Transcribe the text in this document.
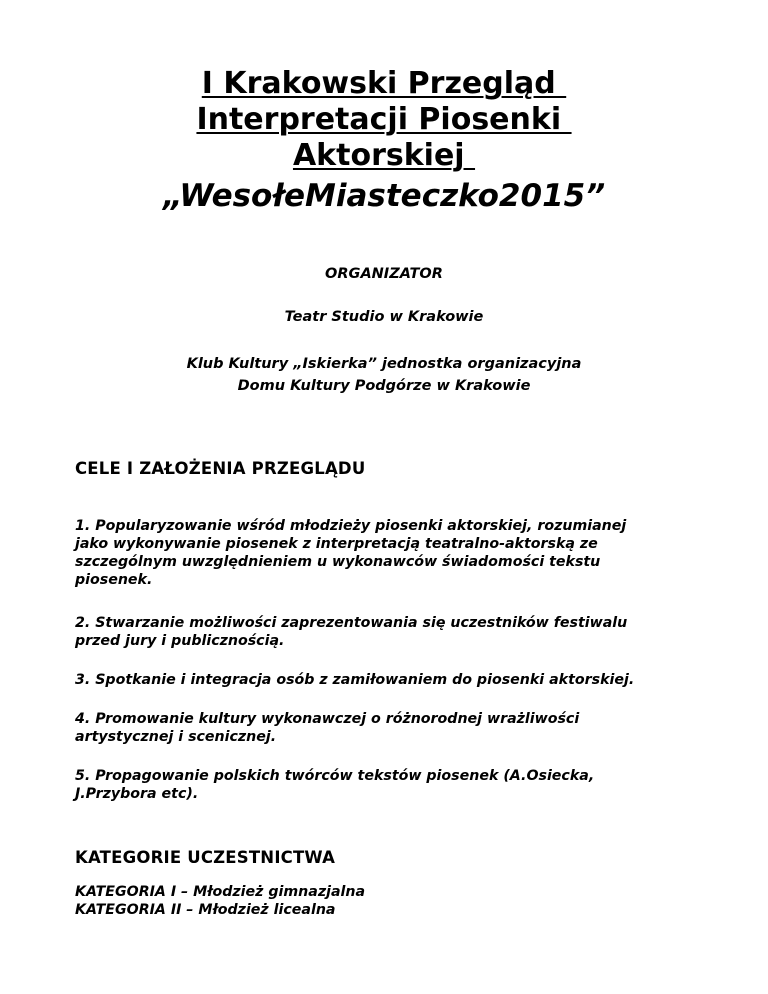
I Krakowski Przegląd
Interpretacji Piosenki
Aktorskiej
„WesołeMiasteczko2015”
ORGANIZATOR
Teatr Studio w Krakowie
Klub Kultury „Iskierka” jednostka organizacyjna
Domu Kultury Podgórze w Krakowie
CELE I ZAŁOŻENIA PRZEGLĄDU
1. Popularyzowanie wśród młodzieży piosenki aktorskiej, rozumianej
jako wykonywanie piosenek z interpretacją teatralno-aktorską ze
szczególnym uwzględnieniem u wykonawców świadomości tekstu
piosenek.
2. Stwarzanie możliwości zaprezentowania się uczestników festiwalu
przed jury i publicznością.
3. Spotkanie i integracja osób z zamiłowaniem do piosenki aktorskiej.
4. Promowanie kultury wykonawczej o różnorodnej wrażliwości
artystycznej i scenicznej.
5. Propagowanie polskich twórców tekstów piosenek (A.Osiecka,
J.Przybora etc).
KATEGORIE UCZESTNICTWA
KATEGORIA I – Młodzież gimnazjalna
KATEGORIA II – Młodzież licealna
